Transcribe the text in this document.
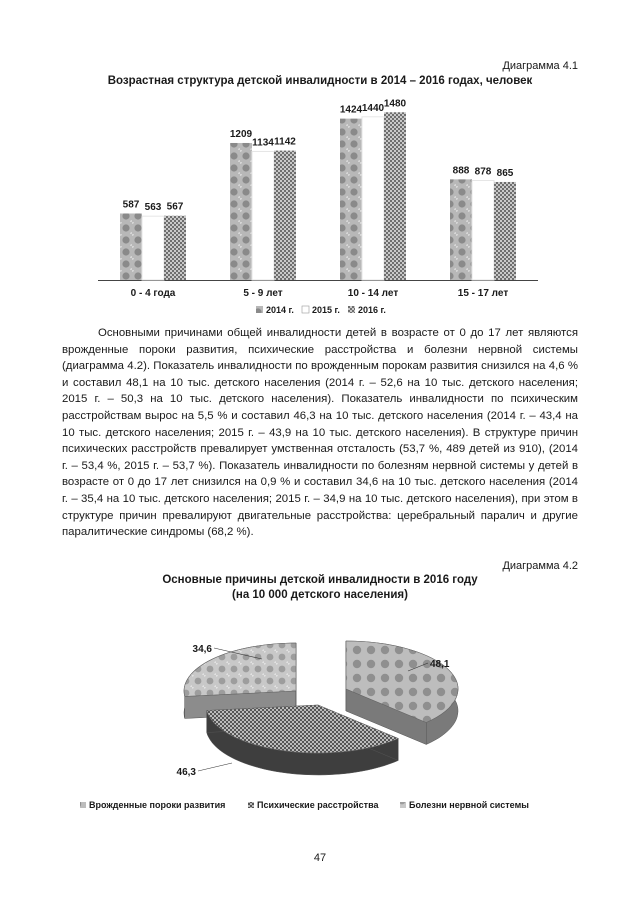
Диаграмма 4.1
Возрастная структура детской инвалидности в 2014 – 2016 годах, человек
587 563 567
0 - 4 года
1209
1134 1142
5 - 9 лет
1424 1440 1480
10 - 14 лет
888 878 865
15 - 17 лет
2014 г. 2015 г. 2016 г.

Основными причинами общей инвалидности детей в возрасте от 0 до 17 лет являются врожденные пороки развития, психические расстройства и болезни нервной системы (диаграмма 4.2). Показатель инвалидности по врожденным порокам развития снизился на 4,6 % и составил 48,1 на 10 тыс. детского населения (2014 г. – 52,6 на 10 тыс. детского населения; 2015 г. – 50,3 на 10 тыс. детского населения). Показатель инвалидности по психическим расстройствам вырос на 5,5 % и составил 46,3 на 10 тыс. детского населения (2014 г. – 43,4 на 10 тыс. детского населения; 2015 г. – 43,9 на 10 тыс. детского населения). В структуре причин психических расстройств превалирует умственная отсталость (53,7 %, 489 детей из 910), (2014 г. – 53,4 %, 2015 г. – 53,7 %). Показатель инвалидности по болезням нервной системы у детей в возрасте от 0 до 17 лет снизился на 0,9 % и составил 34,6 на 10 тыс. детского населения (2014 г. – 35,4 на 10 тыс. детского населения; 2015 г. – 34,9 на 10 тыс. детского населения), при этом в структуре причин превалируют двигательные расстройства: церебральный паралич и другие паралитические синдромы (68,2 %).

Диаграмма 4.2
Основные причины детской инвалидности в 2016 году
(на 10 000 детского населения)
48,1
46,3
34,6
Врожденные пороки развития	Психические расстройства	Болезни нервной системы
47
